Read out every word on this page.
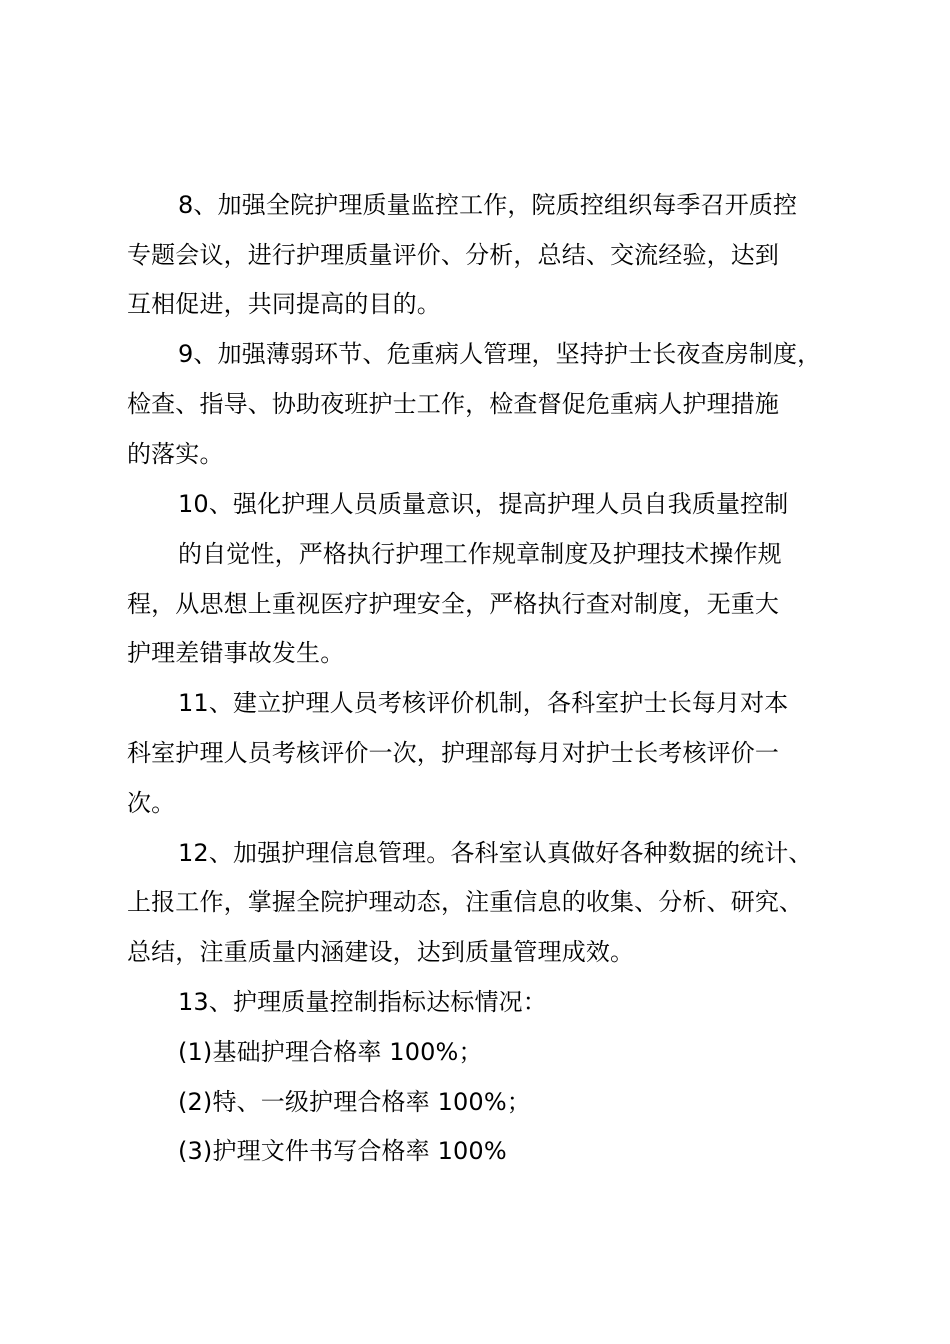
8、加强全院护理质量监控工作，院质控组织每季召开质控
专题会议，进行护理质量评价、分析，总结、交流经验，达到
互相促进，共同提高的目的。
9、加强薄弱环节、危重病人管理，坚持护士长夜查房制度，
检查、指导、协助夜班护士工作，检查督促危重病人护理措施
的落实。
10、强化护理人员质量意识，提高护理人员自我质量控制
的自觉性，严格执行护理工作规章制度及护理技术操作规
程，从思想上重视医疗护理安全，严格执行查对制度，无重大
护理差错事故发生。
11、建立护理人员考核评价机制，各科室护士长每月对本
科室护理人员考核评价一次，护理部每月对护士长考核评价一
次。
12、加强护理信息管理。各科室认真做好各种数据的统计、
上报工作，掌握全院护理动态，注重信息的收集、分析、研究、
总结，注重质量内涵建设，达到质量管理成效。
13、护理质量控制指标达标情况：
(1)基础护理合格率 100%；
(2)特、一级护理合格率 100%；
(3)护理文件书写合格率 100%
